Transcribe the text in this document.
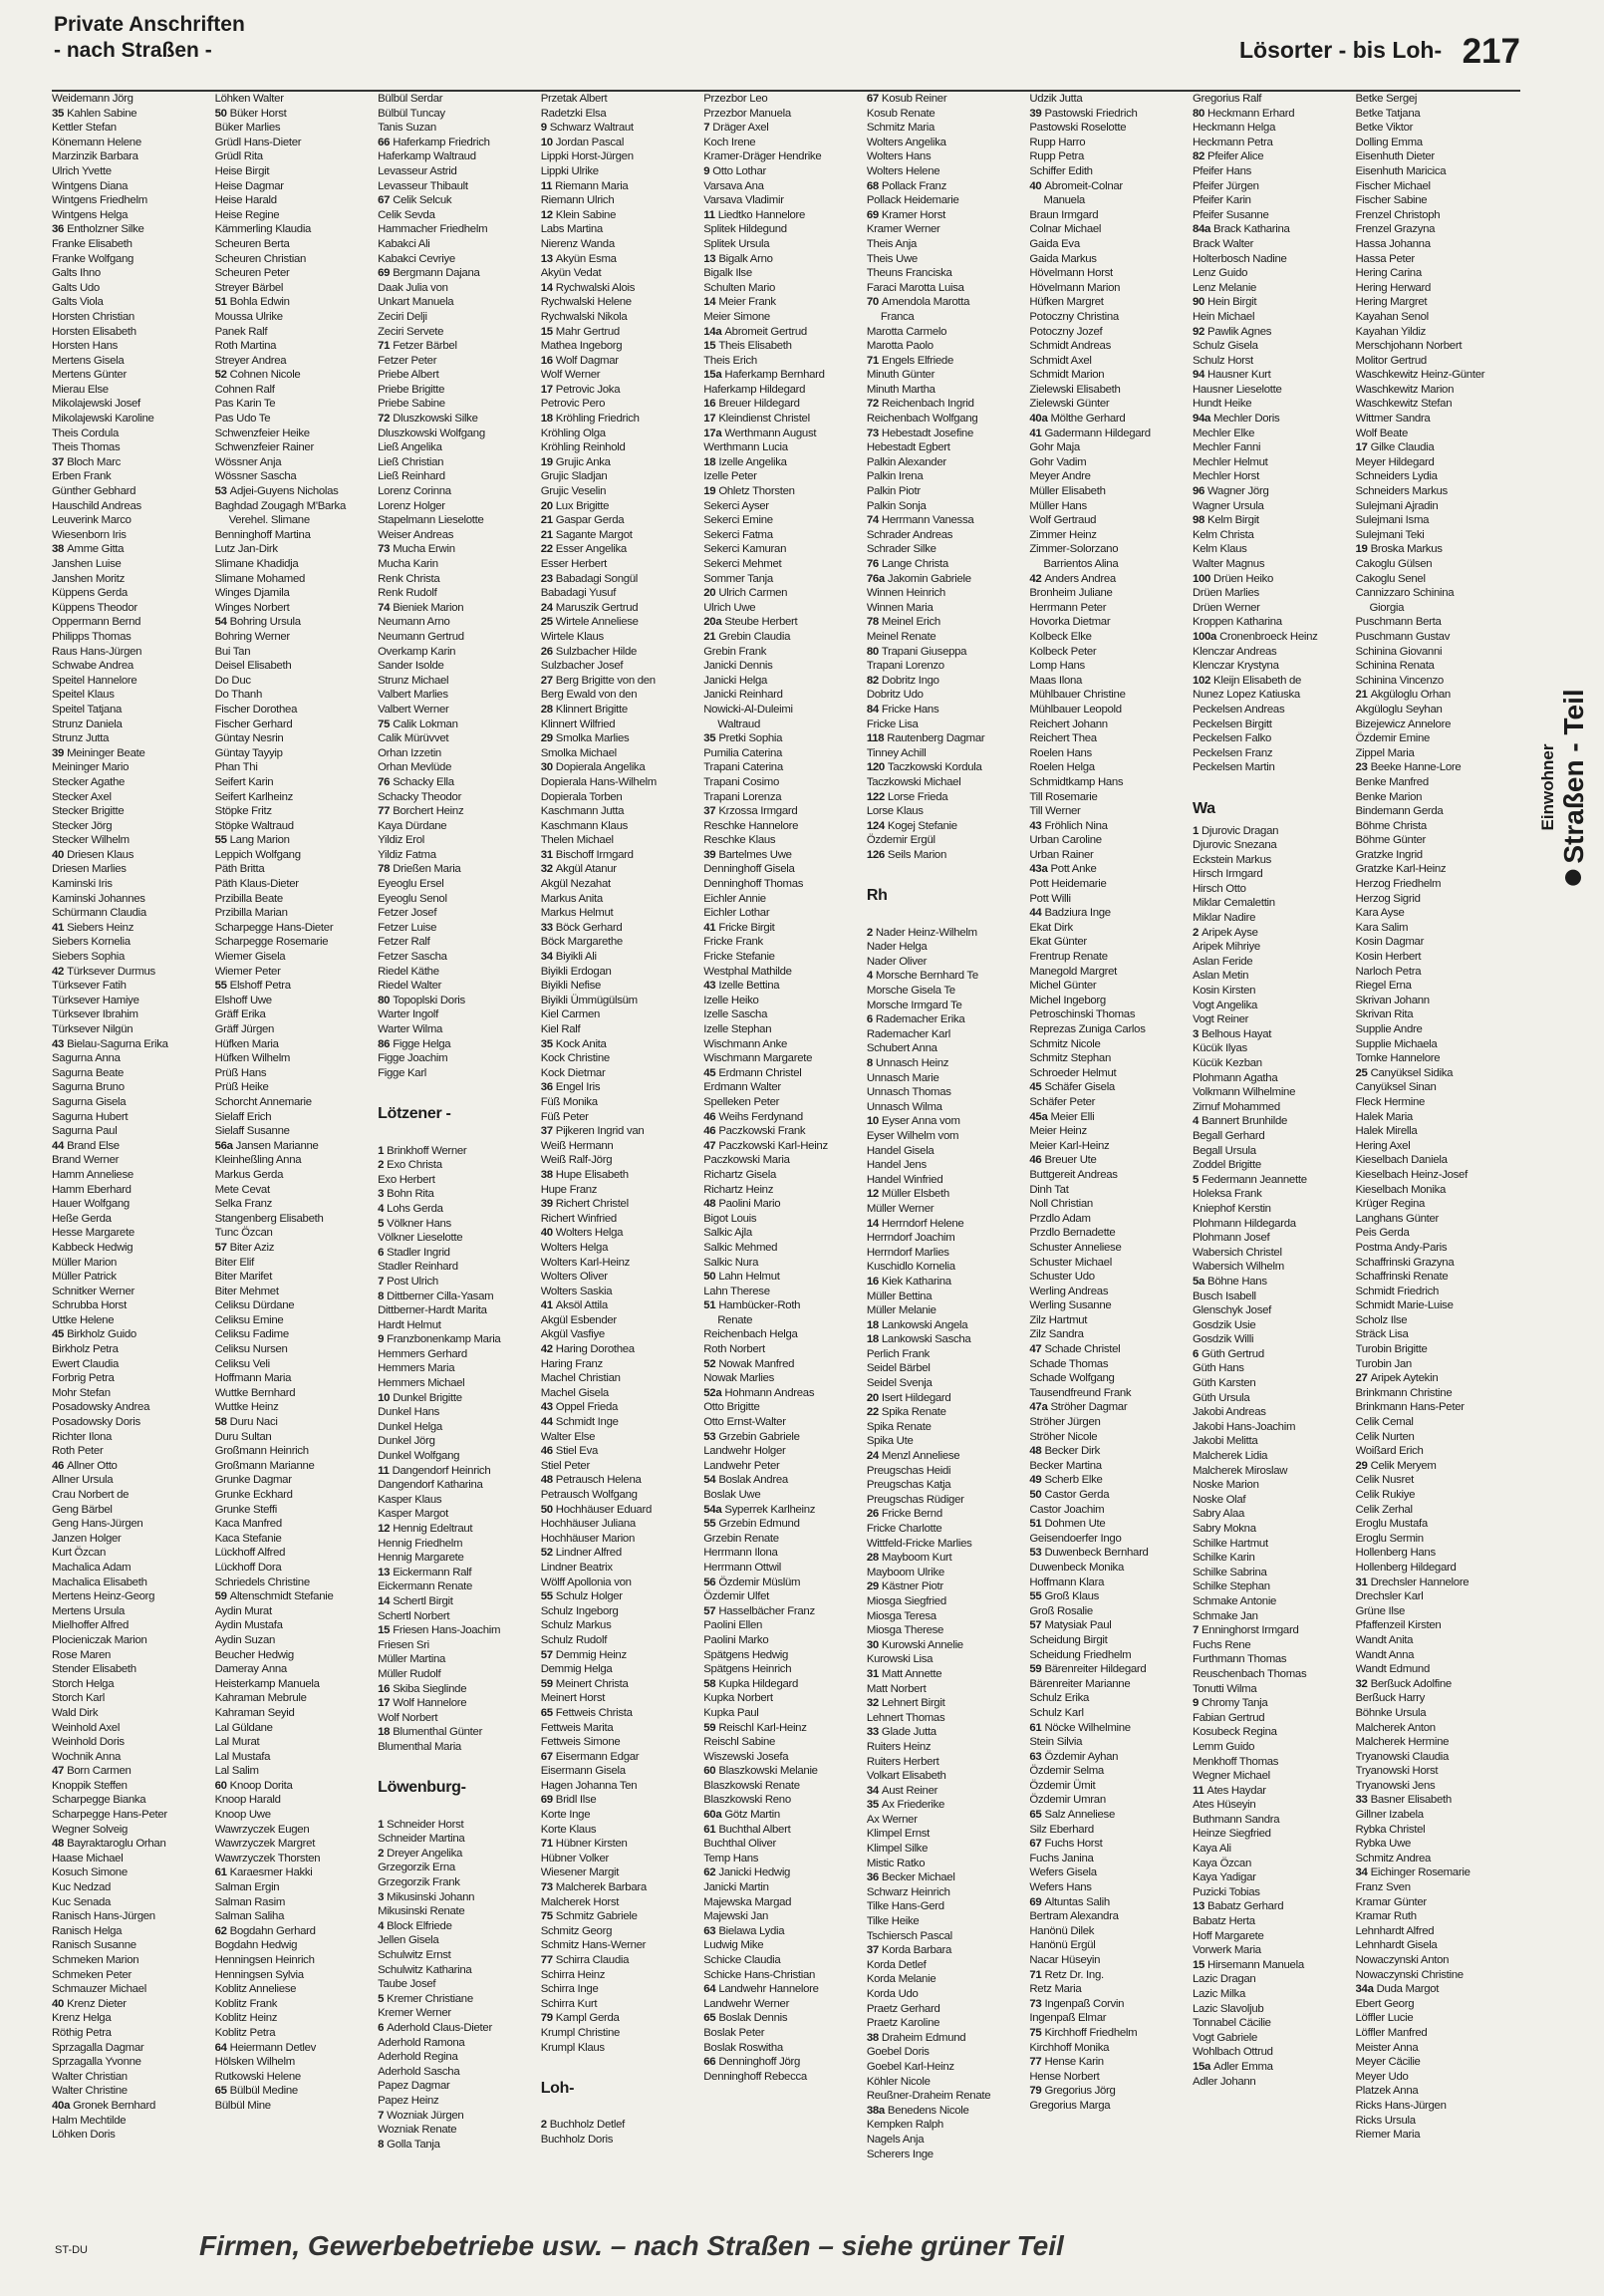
Private Anschriften
- nach Straßen -	Lösorter - bis Loh- 217
Weidemann Jörg
35 Kahlen Sabine
Kettler Stefan
Könemann Helene
Marzinzik Barbara
Ulrich Yvette
Wintgens Diana
Wintgens Friedhelm
Wintgens Helga
36 Entholzner Silke
Franke Elisabeth
Franke Wolfgang
Galts Ihno
Galts Udo
Galts Viola
Horsten Christian
Horsten Elisabeth
Horsten Hans
Mertens Gisela
Mertens Günter
Mierau Else
Mikolajewski Josef
Mikolajewski Karoline
Theis Cordula
Theis Thomas
37 Bloch Marc
Erben Frank
Günther Gebhard
Hauschild Andreas
Leuverink Marco
Wiesenborn Iris
38 Amme Gitta
Janshen Luise
Janshen Moritz
Küppens Gerda
Küppens Theodor
Oppermann Bernd
Philipps Thomas
Raus Hans-Jürgen
Schwabe Andrea
Speitel Hannelore
Speitel Klaus
Speitel Tatjana
Strunz Daniela
Strunz Jutta
39 Meininger Beate
Meininger Mario
Stecker Agathe
Stecker Axel
Stecker Brigitte
Stecker Jörg
Stecker Wilhelm
40 Driesen Klaus
Driesen Marlies
Kaminski Iris
Kaminski Johannes
Schürmann Claudia
41 Siebers Heinz
Siebers Kornelia
Siebers Sophia
42 Türksever Durmus
Türksever Fatih
Türksever Hamiye
Türksever Ibrahim
Türksever Nilgün
43 Bielau-Sagurna Erika
Sagurna Anna
Sagurna Beate
Sagurna Bruno
Sagurna Gisela
Sagurna Hubert
Sagurna Paul
44 Brand Else
Brand Werner
Hamm Anneliese
Hamm Eberhard
Hauer Wolfgang
Heße Gerda
Hesse Margarete
Kabbeck Hedwig
Müller Marion
Müller Patrick
Schnitker Werner
Schrubba Horst
Uttke Helene
45 Birkholz Guido
Birkholz Petra
Ewert Claudia
Forbrig Petra
Mohr Stefan
Posadowsky Andrea
Posadowsky Doris
Richter Ilona
Roth Peter
46 Allner Otto
Allner Ursula
Crau Norbert de
Geng Bärbel
Geng Hans-Jürgen
Janzen Holger
Kurt Özcan
Machalica Adam
Machalica Elisabeth
Mertens Heinz-Georg
Mertens Ursula
Mielhoffer Alfred
Plocieniczak Marion
Rose Maren
Stender Elisabeth
Storch Helga
Storch Karl
Wald Dirk
Weinhold Axel
Weinhold Doris
Wochnik Anna
47 Born Carmen
Knoppik Steffen
Scharpegge Bianka
Scharpegge Hans-Peter
Wegner Solveig
48 Bayraktaroglu Orhan
Haase Michael
Kosuch Simone
Kuc Nedzad
Kuc Senada
Ranisch Hans-Jürgen
Ranisch Helga
Ranisch Susanne
Schmeken Marion
Schmeken Peter
Schmauzer Michael
40 Krenz Dieter
Krenz Helga
Röthig Petra
Sprzagalla Dagmar
Sprzagalla Yvonne
Walter Christian
Walter Christine
40a Gronek Bernhard
Halm Mechtilde
Löhken Doris
Löhken Walter
50 Büker Horst
Büker Marlies
Grüdl Hans-Dieter
Grüdl Rita
Heise Birgit
Heise Dagmar
Heise Harald
Heise Regine
Kämmerling Klaudia
Scheuren Berta
Scheuren Christian
Scheuren Peter
Streyer Bärbel
51 Bohla Edwin
Moussa Ulrike
Panek Ralf
Roth Martina
Streyer Andrea
52 Cohnen Nicole
Cohnen Ralf
Pas Karin Te
Pas Udo Te
Schwenzfeier Heike
Schwenzfeier Rainer
Wössner Anja
Wössner Sascha
53 Adjei-Guyens Nicholas
Baghdad Zougagh M'Barka
Verehel. Slimane
Benninghoff Martina
Lutz Jan-Dirk
Slimane Khadidja
Slimane Mohamed
Winges Djamila
Winges Norbert
54 Bohring Ursula
Bohring Werner
Bui Tan
Deisel Elisabeth
Do Duc
Do Thanh
Fischer Dorothea
Fischer Gerhard
Güntay Nesrin
Güntay Tayyip
Phan Thi
Seifert Karin
Seifert Karlheinz
Stöpke Fritz
Stöpke Waltraud
55 Lang Marion
Leppich Wolfgang
Päth Britta
Päth Klaus-Dieter
Przibilla Beate
Przibilla Marian
Scharpegge Hans-Dieter
Scharpegge Rosemarie
Wiemer Gisela
Wiemer Peter
55 Elshoff Petra
Elshoff Uwe
Gräff Erika
Gräff Jürgen
Hüfken Maria
Hüfken Wilhelm
Prüß Hans
Prüß Heike
Schorcht Annemarie
Sielaff Erich
Sielaff Susanne
56a Jansen Marianne
Kleinheßling Anna
Markus Gerda
Mete Cevat
Selka Franz
Stangenberg Elisabeth
Tunc Özcan
57 Biter Aziz
Biter Elif
Biter Marifet
Biter Mehmet
Celiksu Dürdane
Celiksu Emine
Celiksu Fadime
Celiksu Nursen
Celiksu Veli
Hoffmann Maria
Wuttke Bernhard
Wuttke Heinz
58 Duru Naci
Duru Sultan
Großmann Heinrich
Großmann Marianne
Grunke Dagmar
Grunke Eckhard
Grunke Steffi
Kaca Manfred
Kaca Stefanie
Lückhoff Alfred
Lückhoff Dora
Schriedels Christine
59 Altenschmidt Stefanie
Aydin Murat
Aydin Mustafa
Aydin Suzan
Beucher Hedwig
Dameraу Anna
Heisterkamp Manuela
Kahraman Mebrule
Kahraman Seyid
Lal Güldane
Lal Murat
Lal Mustafa
Lal Salim
60 Knoop Dorita
Knoop Harald
Knoop Uwe
Wawrzyczek Eugen
Wawrzyczek Margret
Wawrzyczek Thorsten
61 Karaesmer Hakki
Salman Ergin
Salman Rasim
Salman Saliha
62 Bogdahn Gerhard
Bogdahn Hedwig
Henningsen Heinrich
Henningsen Sylvia
Koblitz Anneliese
Koblitz Frank
Koblitz Heinz
Koblitz Petra
64 Heiermann Detlev
Hölsken Wilhelm
Rutkowski Helene
65 Bülbül Medine
Bülbül Mine
Bülbül Serdar
Bülbül Tuncay
Tanis Suzan
66 Haferkamp Friedrich
Haferkamp Waltraud
Levasseur Astrid
Levasseur Thibault
67 Celik Selcuk
Celik Sevda
Hammacher Friedhelm
Kabakci Ali
Kabakci Cevriye
69 Bergmann Dajana
Daak Julia von
Unkart Manuela
Zeciri Delji
Zeciri Servete
71 Fetzer Bärbel
Fetzer Peter
Priebe Albert
Priebe Brigitte
Priebe Sabine
72 Dluszkowski Silke
Dluszkowski Wolfgang
Ließ Angelika
Ließ Christian
Ließ Reinhard
Lorenz Corinna
Lorenz Holger
Stapelmann Lieselotte
Weiser Andreas
73 Mucha Erwin
Mucha Karin
Renk Christa
Renk Rudolf
74 Bieniek Marion
Neumann Arno
Neumann Gertrud
Overkamp Karin
Sander Isolde
Strunz Michael
Valbert Marlies
Valbert Werner
75 Calik Lokman
Calik Mürüvvet
Orhan Izzetin
Orhan Mevlüde
76 Schacky Ella
Schacky Theodor
77 Borchert Heinz
Kaya Dürdane
Yildiz Erol
Yildiz Fatma
78 Drießen Maria
Eyeoglu Ersel
Eyeoglu Senol
Fetzer Josef
Fetzer Luise
Fetzer Ralf
Fetzer Sascha
Riedel Käthe
Riedel Walter
80 Topoplski Doris
Warter Ingolf
Warter Wilma
86 Figge Helga
Figge Joachim
Figge Karl
Lötzener -
1 Brinkhoff Werner
2 Exo Christa
Exo Herbert
3 Bohn Rita
4 Lohs Gerda
5 Völkner Hans
Völkner Lieselotte
6 Stadler Ingrid
Stadler Reinhard
7 Post Ulrich
8 Dittberner Cilla-Yasam
Dittberner-Hardt Marita
Hardt Helmut
9 Franzbonenkamp Maria
Hemmers Gerhard
Hemmers Maria
Hemmers Michael
10 Dunkel Brigitte
Dunkel Hans
Dunkel Helga
Dunkel Jörg
Dunkel Wolfgang
11 Dangendorf Heinrich
Dangendorf Katharina
Kasper Klaus
Kasper Margot
12 Hennig Edeltraut
Hennig Friedhelm
Hennig Margarete
13 Eickermann Ralf
Eickermann Renate
14 Schertl Birgit
Schertl Norbert
15 Friesen Hans-Joachim
Friesen Sri
Müller Martina
Müller Rudolf
16 Skiba Sieglinde
17 Wolf Hannelore
Wolf Norbert
18 Blumenthal Günter
Blumenthal Maria
Löwenburg-
1 Schneider Horst
Schneider Martina
2 Dreyer Angelika
Grzegorzik Erna
Grzegorzik Frank
3 Mikusinski Johann
Mikusinski Renate
4 Block Elfriede
Jellen Gisela
Schulwitz Ernst
Schulwitz Katharina
Taube Josef
5 Kremer Christiane
Kremer Werner
6 Aderhold Claus-Dieter
Aderhold Ramona
Aderhold Regina
Aderhold Sascha
Papez Dagmar
Papez Heinz
7 Wozniak Jürgen
Wozniak Renate
8 Golla Tanja
Przetak Albert
Radetzki Elsa
9 Schwarz Waltraut
10 Jordan Pascal
Lippki Horst-Jürgen
Lippki Ulrike
11 Riemann Maria
Riemann Ulrich
12 Klein Sabine
Labs Martina
Nierenz Wanda
13 Akyün Esma
Akyün Vedat
14 Rychwalski Alois
Rychwalski Helene
Rychwalski Nikola
15 Mahr Gertrud
Mathea Ingeborg
16 Wolf Dagmar
Wolf Werner
17 Petrovic Joka
Petrovic Pero
18 Kröhling Friedrich
Kröhling Olga
Kröhling Reinhold
19 Grujic Anka
Grujic Sladjan
Grujic Veselin
20 Lux Brigitte
21 Gaspar Gerda
21 Sagante Margot
22 Esser Angelika
Esser Herbert
23 Babadagi Songül
Babadagi Yusuf
24 Maruszik Gertrud
25 Wirtele Anneliese
Wirtele Klaus
26 Sulzbacher Hilde
Sulzbacher Josef
27 Berg Brigitte von den
Berg Ewald von den
28 Klinnert Brigitte
Klinnert Wilfried
29 Smolka Marlies
Smolka Michael
30 Dopierala Angelika
Dopierala Hans-Wilhelm
Dopierala Torben
Kaschmann Jutta
Kaschmann Klaus
Thelen Michael
31 Bischoff Irmgard
32 Akgül Atanur
Akgül Nezahat
Markus Anita
Markus Helmut
33 Böck Gerhard
Böck Margarethe
34 Biyikli Ali
Biyikli Erdogan
Biyikli Nefise
Biyikli Ümmügülsüm
Kiel Carmen
Kiel Ralf
35 Kock Anita
Kock Christine
Kock Dietmar
36 Engel Iris
Füß Monika
Füß Peter
37 Pijkeren Ingrid van
Weiß Hermann
Weiß Ralf-Jörg
38 Hupe Elisabeth
Hupe Franz
39 Richert Christel
Richert Winfried
40 Wolters Helga
Wolters Helga
Wolters Karl-Heinz
Wolters Oliver
Wolters Saskia
41 Aksöl Attila
Akgül Esbender
Akgül Vasfiye
42 Haring Dorothea
Haring Franz
Machel Christian
Machel Gisela
43 Oppel Frieda
44 Schmidt Inge
Walter Else
46 Stiel Eva
Stiel Peter
48 Petrausch Helena
Petrausch Wolfgang
50 Hochhäuser Eduard
Hochhäuser Juliana
Hochhäuser Marion
52 Lindner Alfred
Lindner Beatrix
Wölff Apollonia von
55 Schulz Holger
Schulz Ingeborg
Schulz Markus
Schulz Rudolf
57 Demmig Heinz
Demmig Helga
59 Meinert Christa
Meinert Horst
65 Fettweis Christa
Fettweis Marita
Fettweis Simone
67 Eisermann Edgar
Eisermann Gisela
Hagen Johanna Ten
69 Bridl Ilse
Korte Inge
Korte Klaus
71 Hübner Kirsten
Hübner Volker
Wiesener Margit
73 Malcherek Barbara
Malcherek Horst
75 Schmitz Gabriele
Schmitz Georg
Schmitz Hans-Werner
77 Schirra Claudia
Schirra Heinz
Schirra Inge
Schirra Kurt
79 Kampl Gerda
Krumpl Christine
Krumpl Klaus
Loh-
2 Buchholz Detlef
Buchholz Doris
Przezbor Leo
Przezbor Manuela
7 Dräger Axel
Koch Irene
Kramer-Dräger Hendrike
9 Otto Lothar
Varsava Ana
Varsava Vladimir
11 Liedtko Hannelore
Splitek Hildegund
Splitek Ursula
13 Bigalk Arno
Bigalk Ilse
Schulten Mario
14 Meier Frank
Meier Simone
14a Abromeit Gertrud
15 Theis Elisabeth
Theis Erich
15a Haferkamp Bernhard
Haferkamp Hildegard
16 Breuer Hildegard
17 Kleindienst Christel
17a Werthmann August
Werthmann Lucia
18 Izelle Angelika
Izelle Peter
19 Ohletz Thorsten
Sekerci Ayser
Sekerci Emine
Sekerci Fatma
Sekerci Kamuran
Sekerci Mehmet
Sommer Tanja
20 Ulrich Carmen
Ulrich Uwe
20a Steube Herbert
21 Grebin Claudia
Grebin Frank
Janicki Dennis
Janicki Helga
Janicki Reinhard
Nowicki-Al-Duleimi
Waltraud
35 Pretki Sophia
Pumilia Caterina
Trapani Caterina
Trapani Cosimo
Trapani Lorenza
37 Krzossa Irmgard
Reschke Hannelore
Reschke Klaus
39 Bartelmes Uwe
Denninghoff Gisela
Denninghoff Thomas
Eichler Annie
Eichler Lothar
41 Fricke Birgit
Fricke Frank
Fricke Stefanie
Westphal Mathilde
43 Izelle Bettina
Izelle Heiko
Izelle Sascha
Izelle Stephan
Wischmann Anke
Wischmann Margarete
45 Erdmann Christel
Erdmann Walter
Spelleken Peter
46 Weihs Ferdynand
46 Paczkowski Frank
47 Paczkowski Karl-Heinz
Paczkowski Maria
Richartz Gisela
Richartz Heinz
48 Paolini Mario
Bigot Louis
Salkic Ajla
Salkic Mehmed
Salkic Nura
50 Lahn Helmut
Lahn Therese
51 Hambücker-Roth
Renate
Reichenbach Helga
Roth Norbert
52 Nowak Manfred
Nowak Marlies
52a Hohmann Andreas
Otto Brigitte
Otto Ernst-Walter
53 Grzebin Gabriele
Landwehr Holger
Landwehr Peter
54 Boslak Andrea
Boslak Uwe
54a Syperrek Karlheinz
55 Grzebin Edmund
Grzebin Renate
Herrmann Ilona
Herrmann Ottwil
56 Özdemir Müslüm
Özdemir Ulfet
57 Hasselbächer Franz
Paolini Ellen
Paolini Marko
Spätgens Hedwig
Spätgens Heinrich
58 Kupka Hildegard
Kupka Norbert
Kupka Paul
59 Reischl Karl-Heinz
Reischl Sabine
Wiszewski Josefa
60 Blaszkowski Melanie
Blaszkowski Renate
Blaszkowski Reno
60a Götz Martin
61 Buchthal Albert
Buchthal Oliver
Temp Hans
62 Janicki Hedwig
Janicki Martin
Majewska Margad
Majewski Jan
63 Bielawa Lydia
Ludwig Mike
Schicke Claudia
Schicke Hans-Christian
64 Landwehr Hannelore
Landwehr Werner
65 Boslak Dennis
Boslak Peter
Boslak Roswitha
66 Denninghoff Jörg
Denninghoff Rebecca
67 Kosub Reiner
Kosub Renate
Schmitz Maria
Wolters Angelika
Wolters Hans
Wolters Helene
68 Pollack Franz
Pollack Heidemarie
69 Kramer Horst
Kramer Werner
Theis Anja
Theis Uwe
Theuns Franciska
Faraci Marotta Luisa
70 Amendola Marotta
Franca
Marotta Carmelo
Marotta Paolo
71 Engels Elfriede
Minuth Günter
Minuth Martha
72 Reichenbach Ingrid
Reichenbach Wolfgang
73 Hebestadt Josefine
Hebestadt Egbert
Palkin Alexander
Palkin Irena
Palkin Piotr
Palkin Sonja
74 Herrmann Vanessa
Schrader Andreas
Schrader Silke
76 Lange Christa
76a Jakomin Gabriele
Winnen Heinrich
Winnen Maria
78 Meinel Erich
Meinel Renate
80 Trapani Giuseppa
Trapani Lorenzo
82 Dobritz Ingo
Dobritz Udo
84 Fricke Hans
Fricke Lisa
118 Rautenberg Dagmar
Tinney Achill
120 Taczkowski Kordula
Taczkowski Michael
122 Lorse Frieda
Lorse Klaus
124 Kogej Stefanie
Özdemir Ergül
126 Seils Marion
Rh
2 Nader Heinz-Wilhelm
Nader Helga
Nader Oliver
4 Morsche Bernhard Te
Morsche Gisela Te
Morsche Irmgard Te
6 Rademacher Erika
Rademacher Karl
Schubert Anna
8 Unnasch Heinz
Unnasch Marie
Unnasch Thomas
Unnasch Wilma
10 Eyser Anna vom
Eyser Wilhelm vom
Handel Gisela
Handel Jens
Handel Winfried
12 Müller Elsbeth
Müller Werner
14 Herrndorf Helene
Herrndorf Joachim
Herrndorf Marlies
Kuschidlo Kornelia
16 Kiek Katharina
Müller Bettina
Müller Melanie
18 Lankowski Angela
18 Lankowski Sascha
Perlich Frank
Seidel Bärbel
Seidel Svenja
20 Isert Hildegard
22 Spika Renate
Spika Renate
Spika Ute
24 Menzl Anneliese
Preugschas Heidi
Preugschas Katja
Preugschas Rüdiger
26 Fricke Bernd
Fricke Charlotte
Wittfeld-Fricke Marlies
28 Mayboom Kurt
Mayboom Ulrike
29 Kästner Piotr
Miosga Siegfried
Miosga Teresa
Miosga Therese
30 Kurowski Annelie
Kurowski Lisa
31 Matt Annette
Matt Norbert
32 Lehnert Birgit
Lehnert Thomas
33 Glade Jutta
Ruiters Heinz
Ruiters Herbert
Volkart Elisabeth
34 Aust Reiner
35 Ax Friederike
Ax Werner
Klimpel Ernst
Klimpel Silke
Mistic Ratko
36 Becker Michael
Schwarz Heinrich
Tilke Hans-Gerd
Tilke Heike
Tschiersch Pascal
37 Korda Barbara
Korda Detlef
Korda Melanie
Korda Udo
Praetz Gerhard
Praetz Karoline
38 Draheim Edmund
Goebel Doris
Goebel Karl-Heinz
Köhler Nicole
Reußner-Draheim Renate
38a Benedens Nicole
Kempken Ralph
Nagels Anja
Scherers Inge
Udzik Jutta
39 Pastowski Friedrich
Pastowski Roselotte
Rupp Harro
Rupp Petra
Schiffer Edith
40 Abromeit-Colnar
Manuela
Braun Irmgard
Colnar Michael
Gaida Eva
Gaida Markus
Hövelmann Horst
Hövelmann Marion
Hüfken Margret
Potoczny Christina
Potoczny Jozef
Schmidt Andreas
Schmidt Axel
Schmidt Marion
Zielewski Elisabeth
Zielewski Günter
40a Mölthe Gerhard
41 Gadermann Hildegard
Gohr Maja
Gohr Vadim
Meyer Andre
Müller Elisabeth
Müller Hans
Wolf Gertraud
Zimmer Heinz
Zimmer-Solorzano
Barrientos Alina
42 Anders Andrea
Bronheim Juliane
Herrmann Peter
Hovorka Dietmar
Kolbeck Elke
Kolbeck Peter
Lomp Hans
Maas Ilona
Mühlbauer Christine
Mühlbauer Leopold
Reichert Johann
Reichert Thea
Roelen Hans
Roelen Helga
Schmidtkamp Hans
Till Rosemarie
Till Werner
43 Fröhlich Nina
Urban Caroline
Urban Rainer
43a Pott Anke
Pott Heidemarie
Pott Willi
44 Badziura Inge
Ekat Dirk
Ekat Günter
Frentrup Renate
Manegold Margret
Michel Günter
Michel Ingeborg
Petroschinski Thomas
Reprezas Zuniga Carlos
Schmitz Nicole
Schmitz Stephan
Schroeder Helmut
45 Schäfer Gisela
Schäfer Peter
45a Meier Elli
Meier Heinz
Meier Karl-Heinz
46 Breuer Ute
Buttgereit Andreas
Dinh Tat
Noll Christian
Przdlo Adam
Przdlo Bernadette
Schuster Anneliese
Schuster Michael
Schuster Udo
Werling Andreas
Werling Susanne
Zilz Hartmut
Zilz Sandra
47 Schade Christel
Schade Thomas
Schade Wolfgang
Tausendfreund Frank
47a Ströher Dagmar
Ströher Jürgen
Ströher Nicole
48 Becker Dirk
Becker Martina
49 Scherb Elke
50 Castor Gerda
Castor Joachim
51 Dohmen Ute
Geisendoerfer Ingo
53 Duwenbeck Bernhard
Duwenbeck Monika
Hoffmann Klara
55 Groß Klaus
Groß Rosalie
57 Matysiak Paul
Scheidung Birgit
Scheidung Friedhelm
59 Bärenreiter Hildegard
Bärenreiter Marianne
Schulz Erika
Schulz Karl
61 Nöcke Wilhelmine
Stein Silvia
63 Özdemir Ayhan
Özdemir Selma
Özdemir Ümit
Özdemir Umran
65 Salz Anneliese
Silz Eberhard
67 Fuchs Horst
Fuchs Janina
Wefers Gisela
Wefers Hans
69 Altuntas Salih
Bertram Alexandra
Hanönü Dilek
Hanönü Ergül
Nacar Hüseyin
71 Retz Dr. Ing.
Retz Maria
73 Ingenpaß Corvin
Ingenpaß Elmar
75 Kirchhoff Friedhelm
Kirchhoff Monika
77 Hense Karin
Hense Norbert
79 Gregorius Jörg
Gregorius Marga
Gregorius Ralf
80 Heckmann Erhard
Heckmann Helga
Heckmann Petra
82 Pfeifer Alice
Pfeifer Hans
Pfeifer Jürgen
Pfeifer Karin
Pfeifer Susanne
84a Brack Katharina
Brack Walter
Holterbosch Nadine
Lenz Guido
Lenz Melanie
90 Hein Birgit
Hein Michael
92 Pawlik Agnes
Schulz Gisela
Schulz Horst
94 Hausner Kurt
Hausner Lieselotte
Hundt Heike
94a Mechler Doris
Mechler Elke
Mechler Fanni
Mechler Helmut
Mechler Horst
96 Wagner Jörg
Wagner Ursula
98 Kelm Birgit
Kelm Christa
Kelm Klaus
Walter Magnus
100 Drüen Heiko
Drüen Marlies
Drüen Werner
Kroppen Katharina
100a Cronenbroeck Heinz
Klenczar Andreas
Klenczar Krystyna
102 Kleijn Elisabeth de
Nunez Lopez Katiuska
Peckelsen Andreas
Peckelsen Birgitt
Peckelsen Falko
Peckelsen Franz
Peckelsen Martin
Wa
1 Djurovic Dragan
Djurovic Snezana
Eckstein Markus
Hirsch Irmgard
Hirsch Otto
Miklar Cemalettin
Miklar Nadire
2 Aripek Ayse
Aripek Mihriye
Aslan Feride
Aslan Metin
Kosin Kirsten
Vogt Angelika
Vogt Reiner
3 Belhous Hayat
Kücük Ilyas
Kücük Kezban
Plohmann Agatha
Volkmann Wilhelmine
Zirnuf Mohammed
4 Bannert Brunhilde
Begall Gerhard
Begall Ursula
Zoddel Brigitte
5 Federmann Jeannette
Holeksa Frank
Kniephof Kerstin
Plohmann Hildegarda
Plohmann Josef
Wabersich Christel
Wabersich Wilhelm
5a Böhne Hans
Busch Isabell
Glenschyk Josef
Gosdzik Usie
Gosdzik Willi
6 Güth Gertrud
Güth Hans
Güth Karsten
Güth Ursula
Jakobi Andreas
Jakobi Hans-Joachim
Jakobi Melitta
Malcherek Lidia
Malcherek Miroslaw
Noske Marion
Noske Olaf
Sabry Alaa
Sabry Mokna
Schilke Hartmut
Schilke Karin
Schilke Sabrina
Schilke Stephan
Schmake Antonie
Schmake Jan
7 Enninghorst Irmgard
Fuchs Rene
Furthmann Thomas
Reuschenbach Thomas
Tonutti Wilma
9 Chromy Tanja
Fabian Gertrud
Kosubeck Regina
Lemm Guido
Menkhoff Thomas
Wegner Michael
11 Ates Haydar
Ates Hüseyin
Buthmann Sandra
Heinze Siegfried
Kaya Ali
Kaya Özcan
Kaya Yadigar
Puzicki Tobias
13 Babatz Gerhard
Babatz Herta
Hoff Margarete
Vorwerk Maria
15 Hirsemann Manuela
Lazic Dragan
Lazic Milka
Lazic Slavoljub
Tonnabel Cäcilie
Vogt Gabriele
Wohlbach Ottrud
15a Adler Emma
Adler Johann
Betke Sergej
Betke Tatjana
Betke Viktor
Dolling Emma
Eisenhuth Dieter
Eisenhuth Maricica
Fischer Michael
Fischer Sabine
Frenzel Christoph
Frenzel Grazyna
Hassa Johanna
Hassa Peter
Hering Carina
Hering Herward
Hering Margret
Kayahan Senol
Kayahan Yildiz
Merschjohann Norbert
Molitor Gertrud
Waschkewitz Heinz-Günter
Waschkewitz Marion
Waschkewitz Stefan
Wittmer Sandra
Wolf Beate
17 Gilke Claudia
Meyer Hildegard
Schneiders Lydia
Schneiders Markus
Sulejmani Ajradin
Sulejmani Isma
Sulejmani Teki
19 Broska Markus
Cakoglu Gülsen
Cakoglu Senel
Cannizzaro Schinina
Giorgia
Puschmann Berta
Puschmann Gustav
Schinina Giovanni
Schinina Renata
Schinina Vincenzo
21 Akgüloglu Orhan
Akgüloglu Seyhan
Bizejewicz Annelore
Özdemir Emine
Zippel Maria
23 Beeke Hanne-Lore
Benke Manfred
Benke Marion
Bindemann Gerda
Böhme Christa
Böhme Günter
Gratzke Ingrid
Gratzke Karl-Heinz
Herzog Friedhelm
Herzog Sigrid
Kara Ayse
Kara Salim
Kosin Dagmar
Kosin Herbert
Narloch Petra
Riegel Erna
Skrivan Johann
Skrivan Rita
Supplie Andre
Supplie Michaela
Tomke Hannelore
25 Canyüksel Sidika
Canyüksel Sinan
Fleck Hermine
Halek Maria
Halek Mirella
Hering Axel
Kieselbach Daniela
Kieselbach Heinz-Josef
Kieselbach Monika
Krüger Regina
Langhans Günter
Peis Gerda
Postma Andy-Paris
Schaffrinski Grazyna
Schaffrinski Renate
Schmidt Friedrich
Schmidt Marie-Luise
Scholz Ilse
Sträck Lisa
Turobin Brigitte
Turobin Jan
27 Aripek Aytekin
Brinkmann Christine
Brinkmann Hans-Peter
Celik Cemal
Celik Nurten
Woißard Erich
29 Celik Meryem
Celik Nusret
Celik Rukiye
Celik Zerhal
Eroglu Mustafa
Eroglu Sermin
Hollenberg Hans
Hollenberg Hildegard
31 Drechsler Hannelore
Drechsler Karl
Grüne Ilse
Pfaffenzeil Kirsten
Wandt Anita
Wandt Anna
Wandt Edmund
32 Berßuck Adolfine
Berßuck Harry
Böhnke Ursula
Malcherek Anton
Malcherek Hermine
Tryanowski Claudia
Tryanowski Horst
Tryanowski Jens
33 Basner Elisabeth
Gillner Izabela
Rybka Christel
Rybka Uwe
Schmitz Andrea
34 Eichinger Rosemarie
Franz Sven
Kramar Günter
Kramar Ruth
Lehnhardt Alfred
Lehnhardt Gisela
Nowaczynski Anton
Nowaczynski Christine
34a Duda Margot
Ebert Georg
Löffler Lucie
Löffler Manfred
Meister Anna
Meyer Cäcilie
Meyer Udo
Platzek Anna
Ricks Hans-Jürgen
Ricks Ursula
Riemer Maria
Einwohner Straßen - Teil
ST-DU	Firmen, Gewerbebetriebe usw. – nach Straßen – siehe grüner Teil
